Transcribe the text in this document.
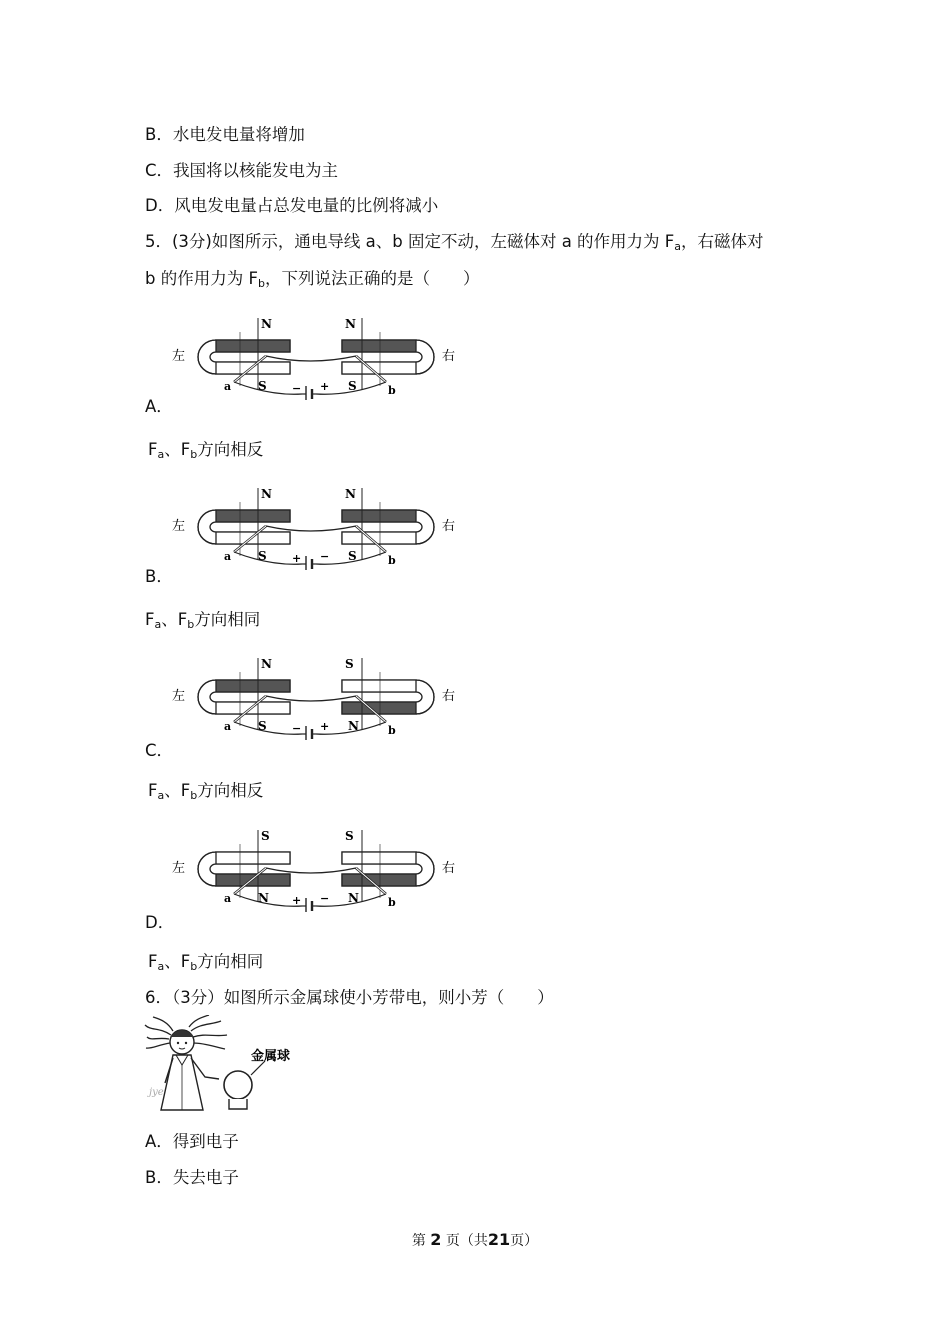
B．水电发电量将增加
C．我国将以核能发电为主
D．风电发电量占总发电量的比例将减小
5．(3分)如图所示，通电导线 a、b 固定不动，左磁体对 a 的作用力为 $F_a$，右磁体对
b 的作用力为 $F_b$，下列说法正确的是（　　）
左	右
N	N
S	S
a	b
− +
A．
$F_a$、$F_b$方向相反
左	右
N	N
S	S
a	b
+ −
B．
$F_a$、$F_b$方向相同
左	右
N	S
S	N
a	b
− +
C．
$F_a$、$F_b$方向相反
左	右
S	S
N	N
a	b
+ −
D．
$F_a$、$F_b$方向相同
6．（3分）如图所示金属球使小芳带电，则小芳（　　）
金属球
jye
A．得到电子
B．失去电子
第 2 页（共21页）
